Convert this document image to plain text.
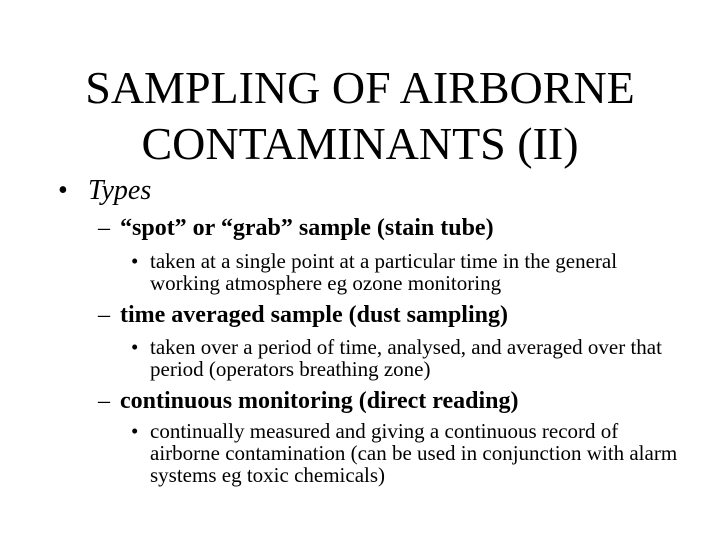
SAMPLING OF AIRBORNE
CONTAMINANTS (II)
• Types
– “spot” or “grab” sample (stain tube)
• taken at a single point at a particular time in the general working atmosphere eg ozone monitoring
– time averaged sample (dust sampling)
• taken over a period of time, analysed, and averaged over that period (operators breathing zone)
– continuous monitoring (direct reading)
• continually measured and giving a continuous record of airborne contamination (can be used in conjunction with alarm systems eg toxic chemicals)
